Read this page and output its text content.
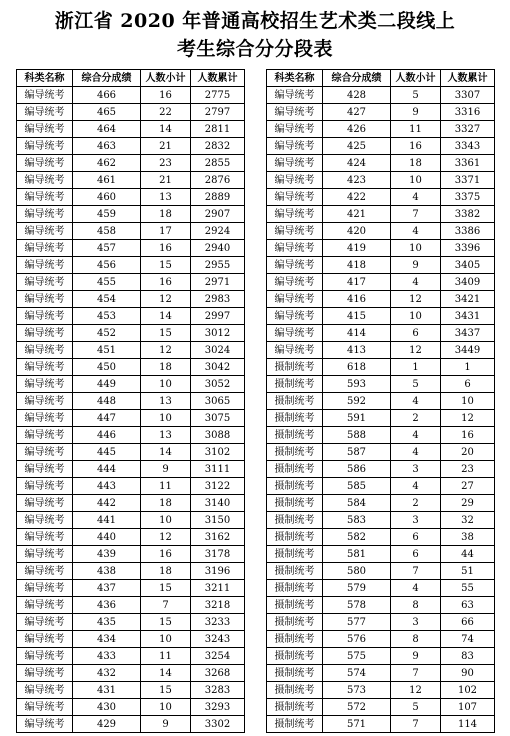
浙江省 2020 年普通高校招生艺术类二段线上
考生综合分分段表
科类名称	综合分成绩	人数小计	人数累计
编导统考	466	16	2775
编导统考	465	22	2797
编导统考	464	14	2811
编导统考	463	21	2832
编导统考	462	23	2855
编导统考	461	21	2876
编导统考	460	13	2889
编导统考	459	18	2907
编导统考	458	17	2924
编导统考	457	16	2940
编导统考	456	15	2955
编导统考	455	16	2971
编导统考	454	12	2983
编导统考	453	14	2997
编导统考	452	15	3012
编导统考	451	12	3024
编导统考	450	18	3042
编导统考	449	10	3052
编导统考	448	13	3065
编导统考	447	10	3075
编导统考	446	13	3088
编导统考	445	14	3102
编导统考	444	9	3111
编导统考	443	11	3122
编导统考	442	18	3140
编导统考	441	10	3150
编导统考	440	12	3162
编导统考	439	16	3178
编导统考	438	18	3196
编导统考	437	15	3211
编导统考	436	7	3218
编导统考	435	15	3233
编导统考	434	10	3243
编导统考	433	11	3254
编导统考	432	14	3268
编导统考	431	15	3283
编导统考	430	10	3293
编导统考	429	9	3302
科类名称	综合分成绩	人数小计	人数累计
编导统考	428	5	3307
编导统考	427	9	3316
编导统考	426	11	3327
编导统考	425	16	3343
编导统考	424	18	3361
编导统考	423	10	3371
编导统考	422	4	3375
编导统考	421	7	3382
编导统考	420	4	3386
编导统考	419	10	3396
编导统考	418	9	3405
编导统考	417	4	3409
编导统考	416	12	3421
编导统考	415	10	3431
编导统考	414	6	3437
编导统考	413	12	3449
摄制统考	618	1	1
摄制统考	593	5	6
摄制统考	592	4	10
摄制统考	591	2	12
摄制统考	588	4	16
摄制统考	587	4	20
摄制统考	586	3	23
摄制统考	585	4	27
摄制统考	584	2	29
摄制统考	583	3	32
摄制统考	582	6	38
摄制统考	581	6	44
摄制统考	580	7	51
摄制统考	579	4	55
摄制统考	578	8	63
摄制统考	577	3	66
摄制统考	576	8	74
摄制统考	575	9	83
摄制统考	574	7	90
摄制统考	573	12	102
摄制统考	572	5	107
摄制统考	571	7	114
